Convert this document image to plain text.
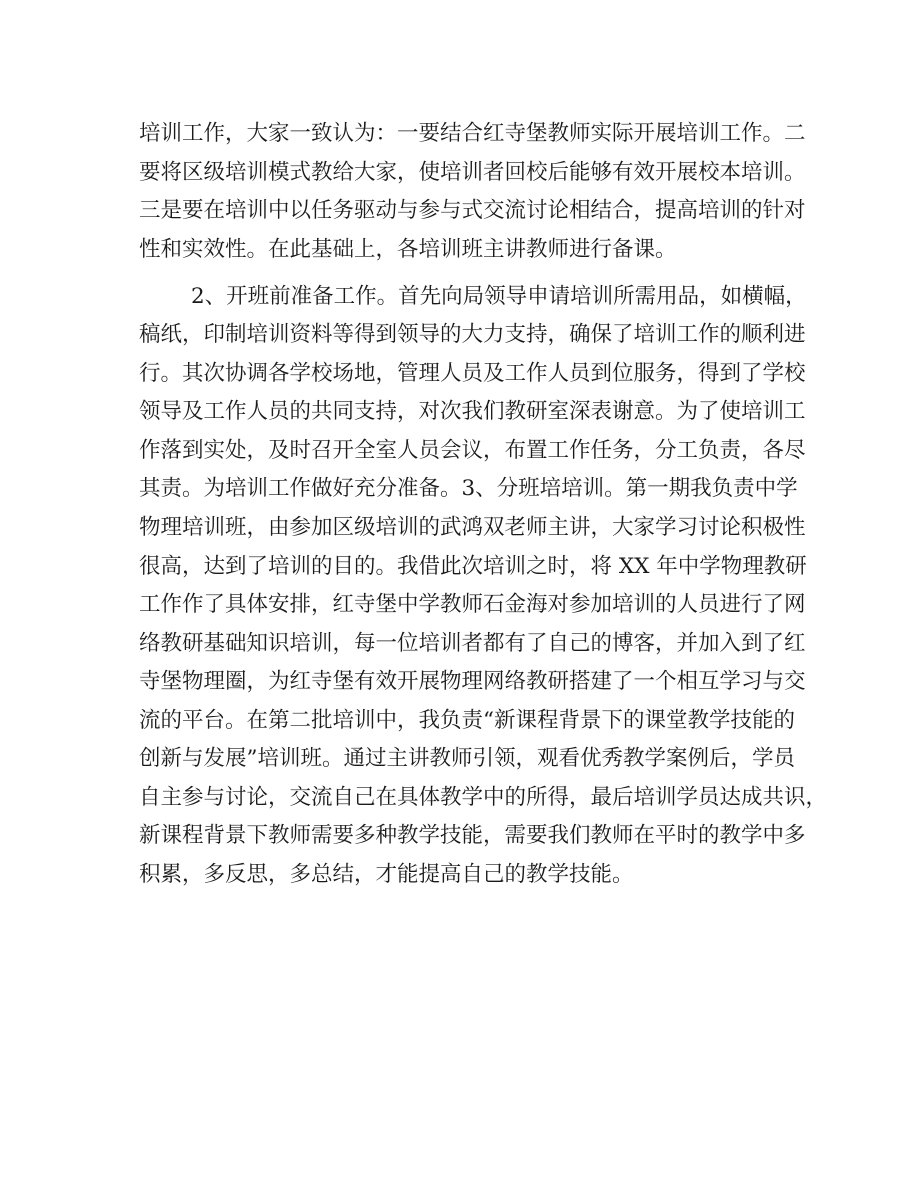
培训工作，大家一致认为：一要结合红寺堡教师实际开展培训工作。二
要将区级培训模式教给大家，使培训者回校后能够有效开展校本培训。
三是要在培训中以任务驱动与参与式交流讨论相结合，提高培训的针对
性和实效性。在此基础上，各培训班主讲教师进行备课。

2、开班前准备工作。首先向局领导申请培训所需用品，如横幅，
稿纸，印制培训资料等得到领导的大力支持，确保了培训工作的顺利进
行。其次协调各学校场地，管理人员及工作人员到位服务，得到了学校
领导及工作人员的共同支持，对次我们教研室深表谢意。为了使培训工
作落到实处，及时召开全室人员会议，布置工作任务，分工负责，各尽
其责。为培训工作做好充分准备。3、分班培培训。第一期我负责中学
物理培训班，由参加区级培训的武鸿双老师主讲，大家学习讨论积极性
很高，达到了培训的目的。我借此次培训之时，将 XX 年中学物理教研
工作作了具体安排，红寺堡中学教师石金海对参加培训的人员进行了网
络教研基础知识培训，每一位培训者都有了自己的博客，并加入到了红
寺堡物理圈，为红寺堡有效开展物理网络教研搭建了一个相互学习与交
流的平台。在第二批培训中，我负责“新课程背景下的课堂教学技能的
创新与发展”培训班。通过主讲教师引领，观看优秀教学案例后，学员
自主参与讨论，交流自己在具体教学中的所得，最后培训学员达成共识，
新课程背景下教师需要多种教学技能，需要我们教师在平时的教学中多
积累，多反思，多总结，才能提高自己的教学技能。
